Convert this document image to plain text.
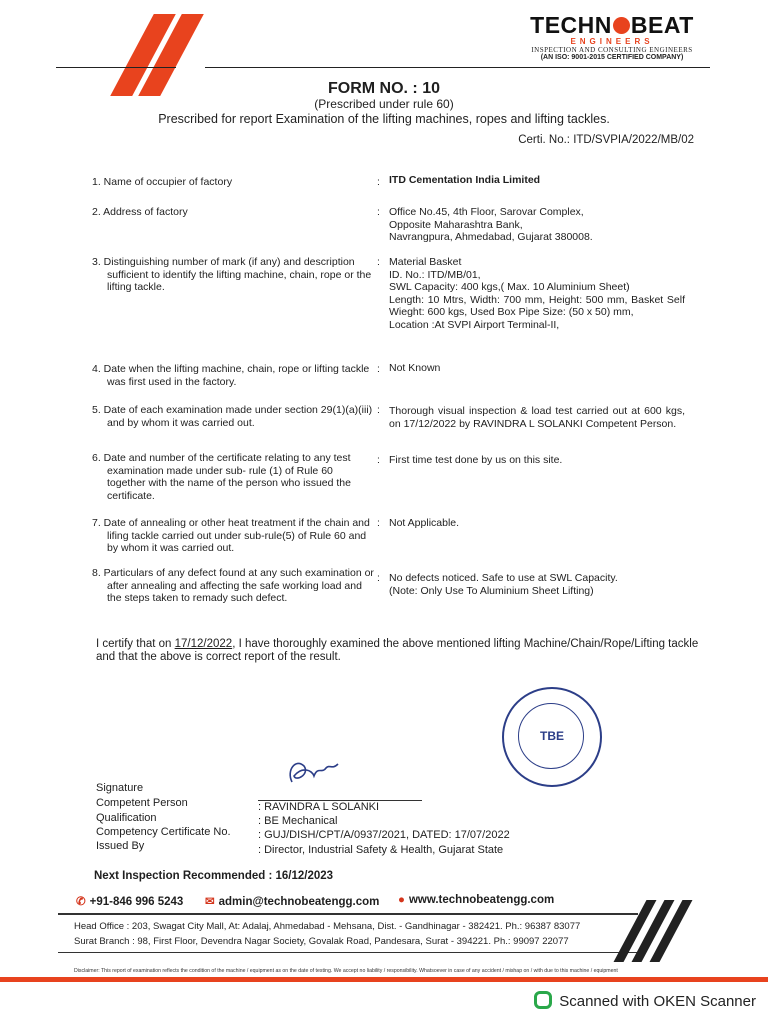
TECHN BEAT
ENGINEERS
INSPECTION AND CONSULTING ENGINEERS
(AN ISO: 9001-2015 CERTIFIED COMPANY)
FORM NO. : 10
(Prescribed under rule 60)
Prescribed for report Examination of the lifting machines, ropes and lifting tackles.
Certi. No.: ITD/SVPIA/2022/MB/02
1. Name of occupier of factory	: ITD Cementation India Limited
2. Address of factory	: Office No.45, 4th Floor, Sarovar Complex,
Opposite Maharashtra Bank,
Navrangpura, Ahmedabad, Gujarat 380008.
3. Distinguishing number of mark (if any) and description sufficient to identify the lifting machine, chain, rope or the lifting tackle.
: Material Basket
ID. No.: ITD/MB/01,
SWL Capacity: 400 kgs,( Max. 10 Aluminium Sheet)
Length: 10 Mtrs, Width: 700 mm, Height: 500 mm, Basket Self Wieght: 600 kgs, Used Box Pipe Size: (50 x 50) mm,
Location :At SVPI Airport Terminal-II,
4. Date when the lifting machine, chain, rope or lifting tackle was first used in the factory.
: Not Known
5. Date of each examination made under section 29(1)(a)(iii) and by whom it was carried out.
: Thorough visual inspection & load test carried out at 600 kgs, on 17/12/2022 by RAVINDRA L SOLANKI Competent Person.
6. Date and number of the certificate relating to any test examination made under sub- rule (1) of Rule 60 together with the name of the person who issued the certificate.
: First time test done by us on this site.
7. Date of annealing or other heat treatment if the chain and lifing tackle carried out under sub-rule(5) of Rule 60 and by whom it was carried out.
: Not Applicable.
8. Particulars of any defect found at any such examination or after annealing and affecting the safe working load and the steps taken to remady such defect.
: No defects noticed. Safe to use at SWL Capacity.
(Note: Only Use To Aluminium Sheet Lifting)
I certify that on 17/12/2022, I have thoroughly examined the above mentioned lifting Machine/Chain/Rope/Lifting tackle and that the above is correct report of the result.
TBE
Signature
Competent Person
Qualification
Competency Certificate No.
Issued By
: RAVINDRA L SOLANKI
: BE Mechanical
: GUJ/DISH/CPT/A/0937/2021, DATED: 17/07/2022
: Director, Industrial Safety & Health, Gujarat State
Next Inspection Recommended : 16/12/2023
✆ +91-846 996 5243 ✉ admin@technobeatengg.com ● www.technobeatengg.com
Head Office : 203, Swagat City Mall, At: Adalaj, Ahmedabad - Mehsana, Dist. - Gandhinagar - 382421. Ph.: 96387 83077
Surat Branch : 98, First Floor, Devendra Nagar Society, Govalak Road, Pandesara, Surat - 394221. Ph.: 99097 22077
Disclaimer: This report of examination reflects the condition of the machine / equipment as on the date of testing. We accept no liability / responsibility. Whatsoever in case of any accident / mishap on / with due to this machine / equipment
Scanned with OKEN Scanner
